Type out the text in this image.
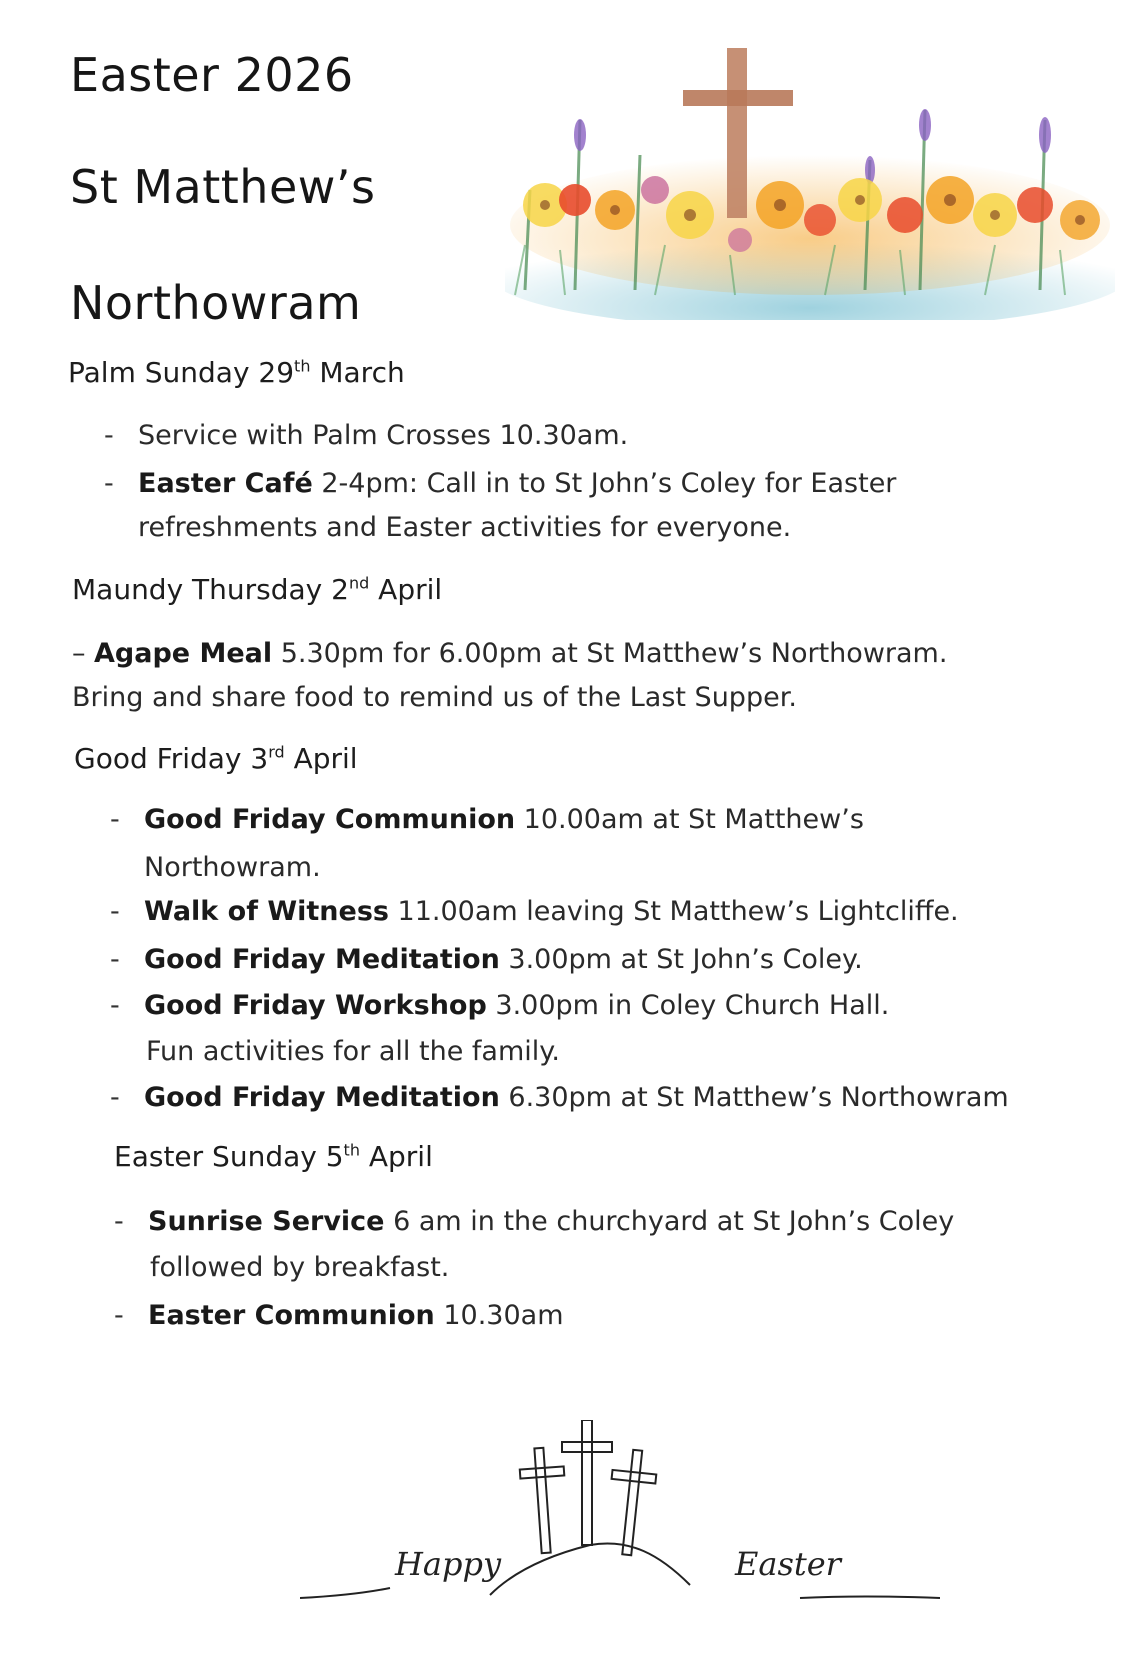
Easter 2026
St Matthew’s
Northowram
Palm Sunday 29th March
- Service with Palm Crosses 10.30am.
- Easter Café 2-4pm: Call in to St John’s Coley for Easter
refreshments and Easter activities for everyone.
Maundy Thursday 2nd April
– Agape Meal 5.30pm for 6.00pm at St Matthew’s Northowram.
Bring and share food to remind us of the Last Supper.
Good Friday 3rd April
- Good Friday Communion 10.00am at St Matthew’s
Northowram.
- Walk of Witness 11.00am leaving St Matthew’s Lightcliffe.
- Good Friday Meditation 3.00pm at St John’s Coley.
- Good Friday Workshop 3.00pm in Coley Church Hall.
Fun activities for all the family.
- Good Friday Meditation 6.30pm at St Matthew’s Northowram
Easter Sunday 5th April
- Sunrise Service 6 am in the churchyard at St John’s Coley
followed by breakfast.
- Easter Communion 10.30am
Happy	Easter
